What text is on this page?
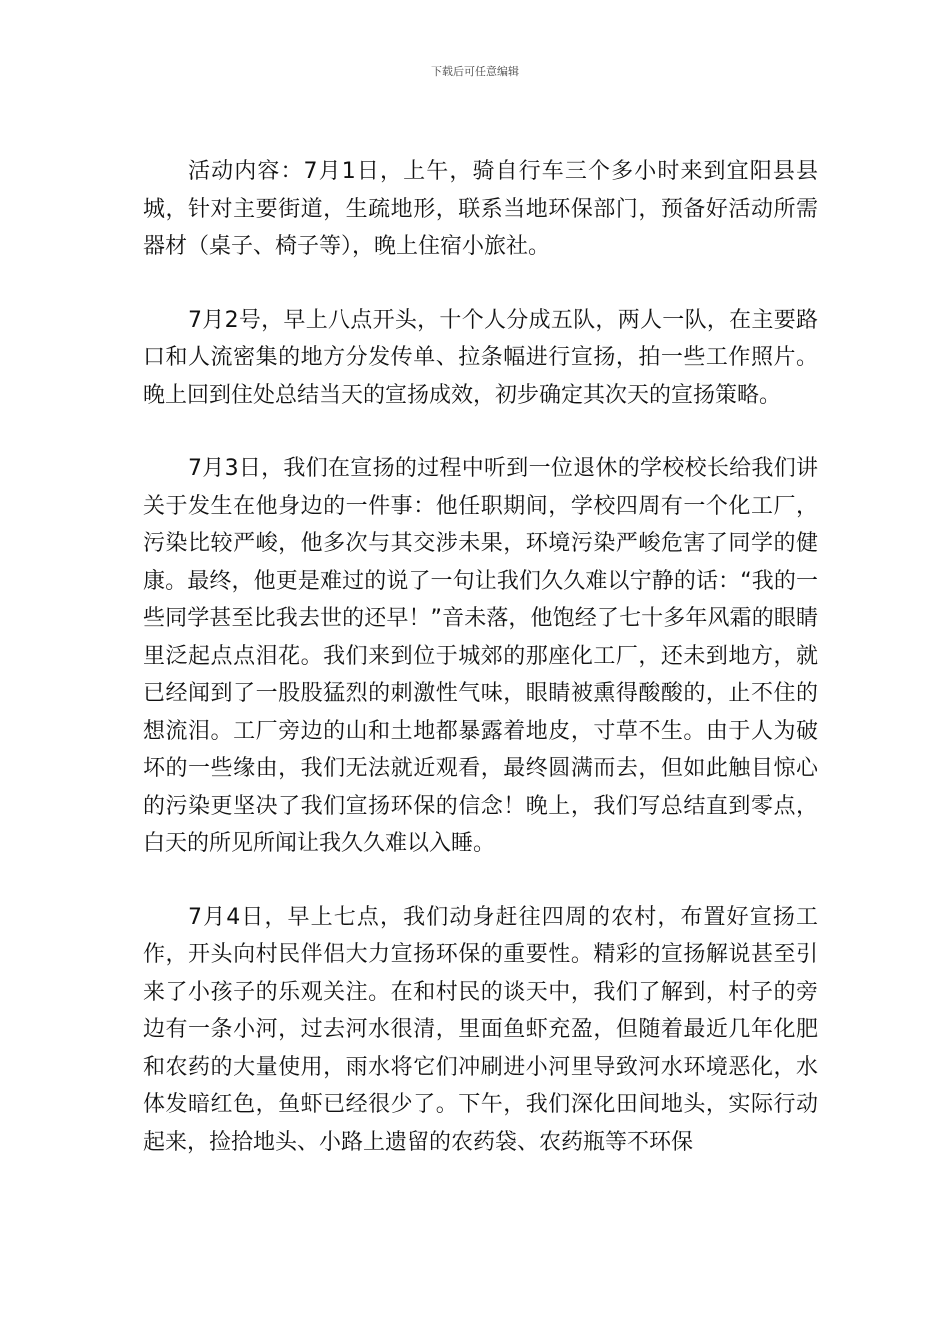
下载后可任意编辑

活动内容：7月1日，上午，骑自行车三个多小时来到宜阳县县城，针对主要街道，生疏地形，联系当地环保部门，预备好活动所需器材（桌子、椅子等），晚上住宿小旅社。

7月2号，早上八点开头，十个人分成五队，两人一队，在主要路口和人流密集的地方分发传单、拉条幅进行宣扬，拍一些工作照片。晚上回到住处总结当天的宣扬成效，初步确定其次天的宣扬策略。

7月3日，我们在宣扬的过程中听到一位退休的学校校长给我们讲关于发生在他身边的一件事：他任职期间，学校四周有一个化工厂，污染比较严峻，他多次与其交涉未果，环境污染严峻危害了同学的健康。最终，他更是难过的说了一句让我们久久难以宁静的话：“我的一些同学甚至比我去世的还早！”音未落，他饱经了七十多年风霜的眼睛里泛起点点泪花。我们来到位于城郊的那座化工厂，还未到地方，就已经闻到了一股股猛烈的刺激性气味，眼睛被熏得酸酸的，止不住的想流泪。工厂旁边的山和土地都暴露着地皮，寸草不生。由于人为破坏的一些缘由，我们无法就近观看，最终圆满而去，但如此触目惊心的污染更坚决了我们宣扬环保的信念！晚上，我们写总结直到零点，白天的所见所闻让我久久难以入睡。

7月4日，早上七点，我们动身赶往四周的农村，布置好宣扬工作，开头向村民伴侣大力宣扬环保的重要性。精彩的宣扬解说甚至引来了小孩子的乐观关注。在和村民的谈天中，我们了解到，村子的旁边有一条小河，过去河水很清，里面鱼虾充盈，但随着最近几年化肥和农药的大量使用，雨水将它们冲刷进小河里导致河水环境恶化，水体发暗红色，鱼虾已经很少了。下午，我们深化田间地头，实际行动起来，捡拾地头、小路上遗留的农药袋、农药瓶等不环保
